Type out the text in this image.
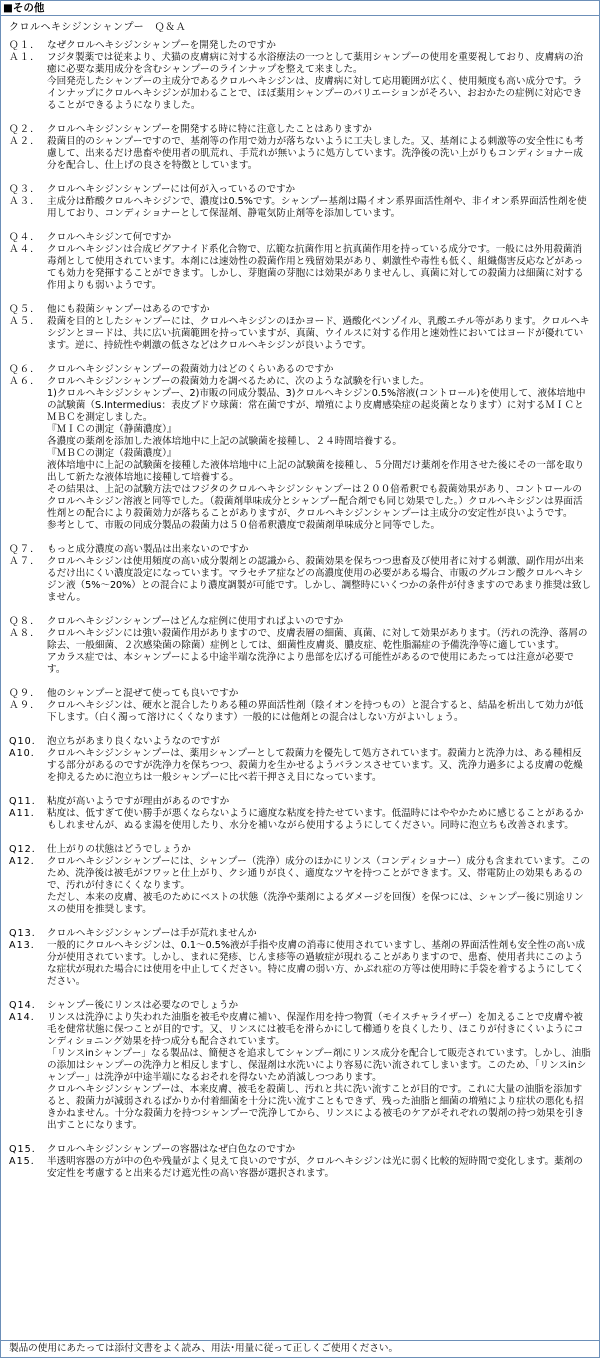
■その他
クロルヘキシジンシャンプー　Ｑ＆Ａ
Ｑ１． なぜクロルヘキシジンシャンプーを開発したのですか
Ａ１． フジタ製薬では従来より、犬猫の皮膚病に対する水浴療法の一つとして薬用シャンプーの使用を重要視しており、皮膚病の治癒に必要な薬用成分を含むシャンプーのラインナップを整えて来ました。

今回発売したシャンプーの主成分であるクロルヘキシジンは、皮膚病に対して応用範囲が広く、使用頻度も高い成分です。ラインナップにクロルヘキシジンが加わることで、ほぼ薬用シャンプーのバリエーションがそろい、おおかたの症例に対応できることができるようになりました。

Ｑ２． クロルヘキシジンシャンプーを開発する時に特に注意したことはありますか
Ａ２． 殺菌目的のシャンプーですので、基剤等の作用で効力が落ちないように工夫しました。又、基剤による刺激等の安全性にも考慮して、出来るだけ患畜や使用者の肌荒れ、手荒れが無いように処方しています。洗浄後の洗い上がりもコンディショナー成分を配合し、仕上げの良さを特徴としています。

Ｑ３． クロルヘキシジンシャンプーには何が入っているのですか
Ａ３． 主成分は酢酸クロルヘキシジンで、濃度は0.5%です。シャンプー基剤は陽イオン系界面活性剤や、非イオン系界面活性剤を使用しており、コンディショナーとして保湿剤、静電気防止剤等を添加しています。

Ｑ４． クロルヘキシジンて何ですか
Ａ４． クロルヘキシジンは合成ビグアナイド系化合物で、広範な抗菌作用と抗真菌作用を持っている成分です。一般には外用殺菌消毒剤として使用されています。本剤には速効性の殺菌作用と残留効果があり、刺激性や毒性も低く、組織傷害反応などがあっても効力を発揮することができます。しかし、芽胞菌の芽胞には効果がありませんし、真菌に対しての殺菌力は細菌に対する作用よりも弱いようです。

Ｑ５． 他にも殺菌シャンプーはあるのですか
Ａ５． 殺菌を目的としたシャンプーには、クロルヘキシジンのほかヨード、過酸化ベンゾイル、乳酸エチル等があります。クロルヘキシジンとヨードは、共に広い抗菌範囲を持っていますが、真菌、ウイルスに対する作用と速効性においてはヨードが優れています。逆に、持続性や刺激の低さなどはクロルヘキシジンが良いようです。

Ｑ６． クロルヘキシジンシャンプーの殺菌効力はどのくらいあるのですか
Ａ６． クロルヘキシジンシャンプーの殺菌効力を調べるために、次のような試験を行いました。

1)クロルヘキシジンシャンプー、2)市販の同成分製品、3)クロルヘキシジン0.5%溶液(コントロール)を使用して、液体培地中の試験菌（S.Intermedius：表皮ブドウ球菌：常在菌ですが、増殖により皮膚感染症の起炎菌となります）に対するＭＩＣとＭＢＣを測定しました。

『ＭＩＣの測定（静菌濃度）』

各濃度の薬剤を添加した液体培地中に上記の試験菌を接種し、２４時間培養する。

『ＭＢＣの測定（殺菌濃度）』

液体培地中に上記の試験菌を接種した液体培地中に上記の試験菌を接種し、５分間だけ薬剤を作用させた後にその一部を取り出して新たな液体培地に接種して培養する。

その結果は、上記の試験方法ではフジタのクロルヘキシジンシャンプーは２００倍希釈でも殺菌効果があり、コントロールのクロルヘキシジン溶液と同等でした。（殺菌剤単味成分とシャンプー配合剤でも同じ効果でした。）クロルヘキシジンは界面活性剤との配合により殺菌効力が落ちることがありますが、クロルヘキシジンシャンプーは主成分の安定性が良いようです。

参考として、市販の同成分製品の殺菌力は５０倍希釈濃度で殺菌剤単味成分と同等でした。

Ｑ７． もっと成分濃度の高い製品は出来ないのですか
Ａ７． クロルヘキシジンは使用頻度の高い成分製剤との認識から、殺菌効果を保ちつつ患畜及び使用者に対する刺激、副作用が出来るだけ出にくい濃度設定になっています。マラセチア症などの高濃度使用の必要がある場合、市販のグルコン酸クロルヘキシジン液（5%～20%）との混合により濃度調製が可能です。しかし、調整時にいくつかの条件が付きますのであまり推奨は致しません。

Ｑ８． クロルヘキシジンシャンプーはどんな症例に使用すればよいのですか
Ａ８． クロルヘキシジンには強い殺菌作用がありますので、皮膚表層の細菌、真菌、に対して効果があります。（汚れの洗浄、落屑の除去、一般細菌、２次感染菌の除菌）症例としては、細菌性皮膚炎、膿皮症、乾性脂漏症の予備洗浄等に適しています。

アカラス症では、本シャンプーによる中途半端な洗浄により患部を広げる可能性があるので使用にあたっては注意が必要です。

Ｑ９． 他のシャンプーと混ぜて使っても良いですか
Ａ９． クロルヘキシジンは、硬水と混合したりある種の界面活性剤（陰イオンを持つもの）と混合すると、結晶を析出して効力が低下します。（白く濁って溶けにくくなります）一般的には他剤との混合はしない方がよいしょう。

Q10． 泡立ちがあまり良くないようなのですが
A10． クロルヘキシジンシャンプーは、薬用シャンプーとして殺菌力を優先して処方されています。殺菌力と洗浄力は、ある種相反する部分があるのですが洗浄力を保ちつつ、殺菌力を生かせるようバランスさせています。又、洗浄力過多による皮膚の乾燥を抑えるために泡立ちは一般シャンプーに比べ若干押さえ目になっています。

Q11． 粘度が高いようですが理由があるのですか
A11． 粘度は、低すぎて使い勝手が悪くならないように適度な粘度を持たせています。低温時にはややかために感じることがあるかもしれませんが、ぬるま湯を使用したり、水分を補いながら使用するようにしてください。同時に泡立ちも改善されます。

Q12． 仕上がりの状態はどうでしょうか
A12． クロルヘキシジンシャンプーには、シャンプー（洗浄）成分のほかにリンス（コンディショナー）成分も含まれています。このため、洗浄後は被毛がフワッと仕上がり、クシ通りが良く、適度なツヤを持つことができます。又、帯電防止の効果もあるので、汚れが付きにくくなります。

ただし、本来の皮膚、被毛のためにベストの状態（洗浄や薬剤によるダメージを回復）を保つには、シャンプー後に別途リンスの使用を推奨します。

Q13． クロルヘキシジンシャンプーは手が荒れませんか
A13． 一般的にクロルヘキシジンは、0.1～0.5%液が手指や皮膚の消毒に使用されていますし、基剤の界面活性剤も安全性の高い成分が使用されています。しかし、まれに発疹、じんま疹等の過敏症が現れることがありますので、患畜、使用者共にこのような症状が現れた場合には使用を中止してください。特に皮膚の弱い方、かぶれ症の方等は使用時に手袋を着するようにしてください。

Q14． シャンプー後にリンスは必要なのでしょうか
A14． リンスは洗浄により失われた油脂を被毛や皮膚に補い、保湿作用を持つ物質（モイスチャライザー）を加えることで皮膚や被毛を健常状態に保つことが目的です。又、リンスには被毛を滑らかにして櫛通りを良くしたり、ほこりが付きにくいようにコンディショニング効果を持つ成分も配合されています。

「リンスinシャンプー」なる製品は、簡便さを追求してシャンプー剤にリンス成分を配合して販売されています。しかし、油脂の添加はシャンプーの洗浄力と相反しますし、保湿剤は水洗いにより容易に洗い流されてしまいます。このため、「リンスinシャンプー」は洗浄が中途半端になるおそれを得ないため消滅しつつあります。

クロルヘキシジンシャンプーは、本来皮膚、被毛を殺菌し、汚れと共に洗い流すことが目的です。これに大量の油脂を添加すると、殺菌力が減弱されるばかりか付着細菌を十分に洗い流すこともできず、残った油脂と細菌の増殖により症状の悪化も招きかねません。十分な殺菌力を持つシャンプーで洗浄してから、リンスによる被毛のケアがそれぞれの製剤の持つ効果を引き出すことになります。

Q15． クロルヘキシジンシャンプーの容器はなぜ白色なのですか
A15． 半透明容器の方が中の色や残量がよく見えて良いのですが、クロルヘキシジンは光に弱く比較的短時間で変化します。薬剤の安定性を考慮すると出来るだけ遮光性の高い容器が選択されます。

製品の使用にあたっては添付文書をよく読み、用法･用量に従って正しくご使用ください。
